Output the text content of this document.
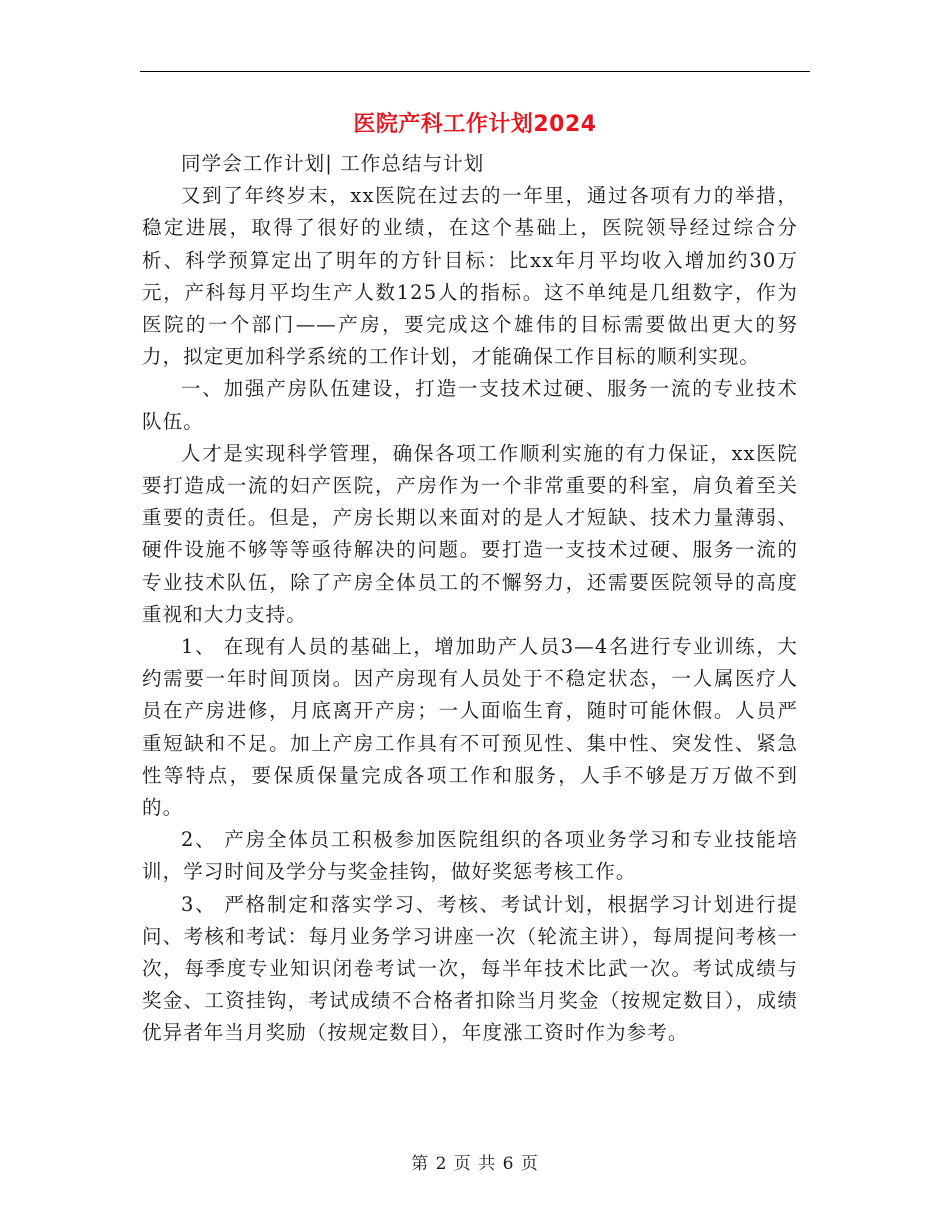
医院产科工作计划2024

同学会工作计划| 工作总结与计划

又到了年终岁末，xx医院在过去的一年里，通过各项有力的举措，稳定进展，取得了很好的业绩，在这个基础上，医院领导经过综合分析、科学预算定出了明年的方针目标：比xx年月平均收入增加约30万元，产科每月平均生产人数125人的指标。这不单纯是几组数字，作为医院的一个部门——产房，要完成这个雄伟的目标需要做出更大的努力，拟定更加科学系统的工作计划，才能确保工作目标的顺利实现。

一、加强产房队伍建设，打造一支技术过硬、服务一流的专业技术队伍。

人才是实现科学管理，确保各项工作顺利实施的有力保证，xx医院要打造成一流的妇产医院，产房作为一个非常重要的科室，肩负着至关重要的责任。但是，产房长期以来面对的是人才短缺、技术力量薄弱、硬件设施不够等等亟待解决的问题。要打造一支技术过硬、服务一流的专业技术队伍，除了产房全体员工的不懈努力，还需要医院领导的高度重视和大力支持。

1、 在现有人员的基础上，增加助产人员3—4名进行专业训练，大约需要一年时间顶岗。因产房现有人员处于不稳定状态，一人属医疗人员在产房进修，月底离开产房；一人面临生育，随时可能休假。人员严重短缺和不足。加上产房工作具有不可预见性、集中性、突发性、紧急性等特点，要保质保量完成各项工作和服务，人手不够是万万做不到的。

2、 产房全体员工积极参加医院组织的各项业务学习和专业技能培训，学习时间及学分与奖金挂钩，做好奖惩考核工作。

3、 严格制定和落实学习、考核、考试计划，根据学习计划进行提问、考核和考试：每月业务学习讲座一次（轮流主讲），每周提问考核一次，每季度专业知识闭卷考试一次，每半年技术比武一次。考试成绩与奖金、工资挂钩，考试成绩不合格者扣除当月奖金（按规定数目），成绩优异者年当月奖励（按规定数目），年度涨工资时作为参考。

第 2 页 共 6 页
